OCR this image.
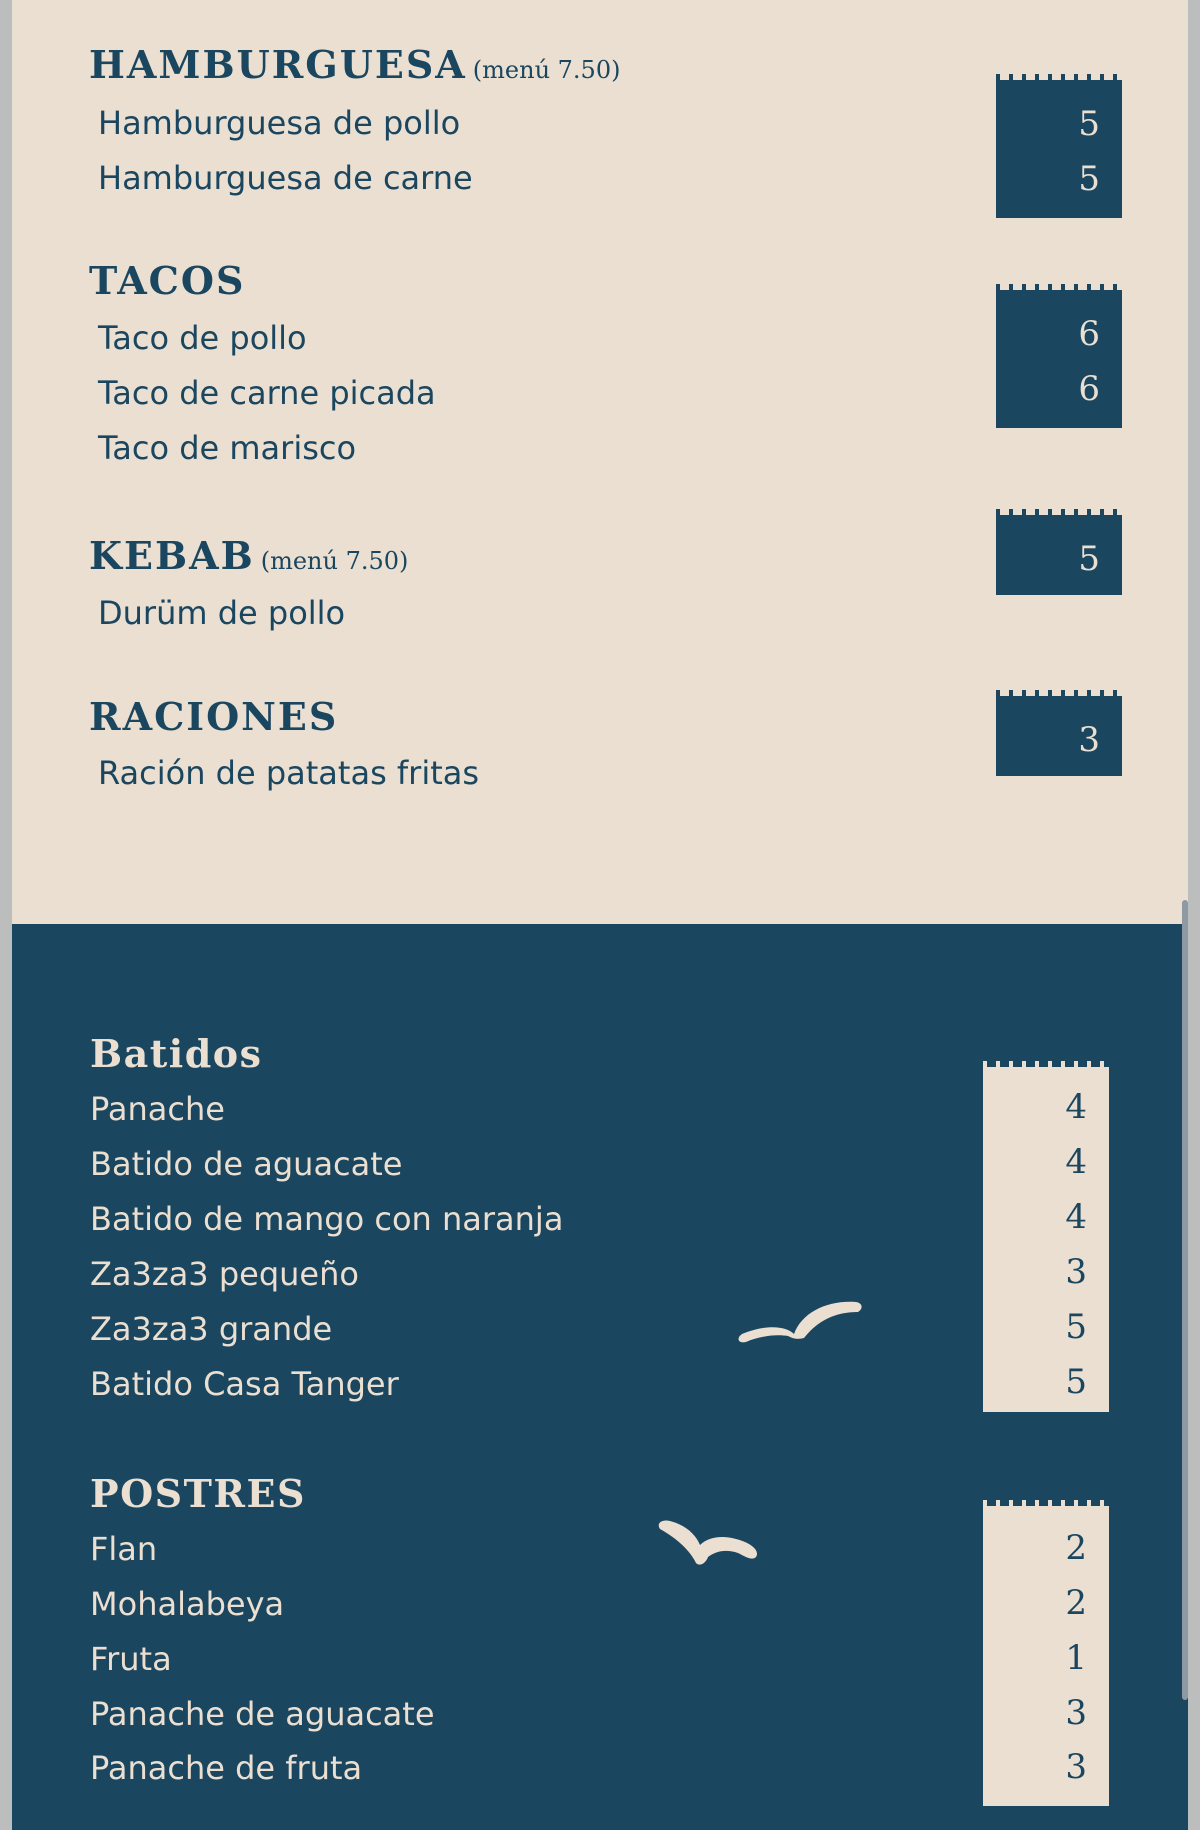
HAMBURGUESA (menú 7.50)
Hamburguesa de pollo
Hamburguesa de carne
5
5
TACOS
Taco de pollo
Taco de carne picada
Taco de marisco
6
6
KEBAB (menú 7.50)
Durüm de pollo
5
RACIONES
Ración de patatas fritas
3
Batidos
Panache
Batido de aguacate
Batido de mango con naranja
Za3za3 pequeño
Za3za3 grande
Batido Casa Tanger
4
4
4
3
5
5
POSTRES
Flan
Mohalabeya
Fruta
Panache de aguacate
Panache de fruta
2
2
1
3
3
